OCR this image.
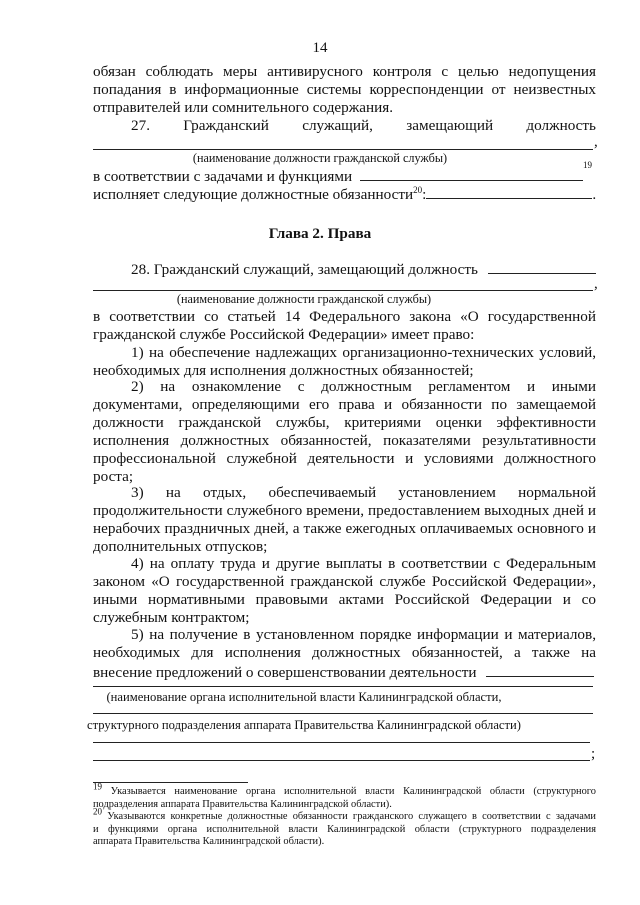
14
обязан соблюдать меры антивирусного контроля с целью недопущения
попадания в информационные системы корреспонденции от неизвестных
отправителей или сомнительного содержания.
27. Гражданский служащий, замещающий должность
,
(наименование должности гражданской службы)	19
в соответствии с задачами и функциями
исполняет следующие должностные обязанности$^{20}$:	.
Глава 2. Права
28. Гражданский служащий, замещающий должность
,
(наименование должности гражданской службы)
в соответствии со статьей 14 Федерального закона «О государственной
гражданской службе Российской Федерации» имеет право:
1) на обеспечение надлежащих организационно-технических условий,
необходимых для исполнения должностных обязанностей;
2) на ознакомление с должностным регламентом и иными
документами, определяющими его права и обязанности по замещаемой
должности гражданской службы, критериями оценки эффективности
исполнения должностных обязанностей, показателями результативности
профессиональной служебной деятельности и условиями должностного
роста;
3) на отдых, обеспечиваемый установлением нормальной
продолжительности служебного времени, предоставлением выходных дней и
нерабочих праздничных дней, а также ежегодных оплачиваемых основного и
дополнительных отпусков;
4) на оплату труда и другие выплаты в соответствии с Федеральным
законом «О государственной гражданской службе Российской Федерации»,
иными нормативными правовыми актами Российской Федерации и со
служебным контрактом;
5) на получение в установленном порядке информации и материалов,
необходимых для исполнения должностных обязанностей, а также на
внесение предложений о совершенствовании деятельности
(наименование органа исполнительной власти Калининградской области,
структурного подразделения аппарата Правительства Калининградской области)
;
$^{19}$ Указывается наименование органа исполнительной власти Калининградской области (структурного
подразделения аппарата Правительства Калининградской области).
$^{20}$ Указываются конкретные должностные обязанности гражданского служащего в соответствии с задачами
и функциями органа исполнительной власти Калининградской области (структурного подразделения
аппарата Правительства Калининградской области).
